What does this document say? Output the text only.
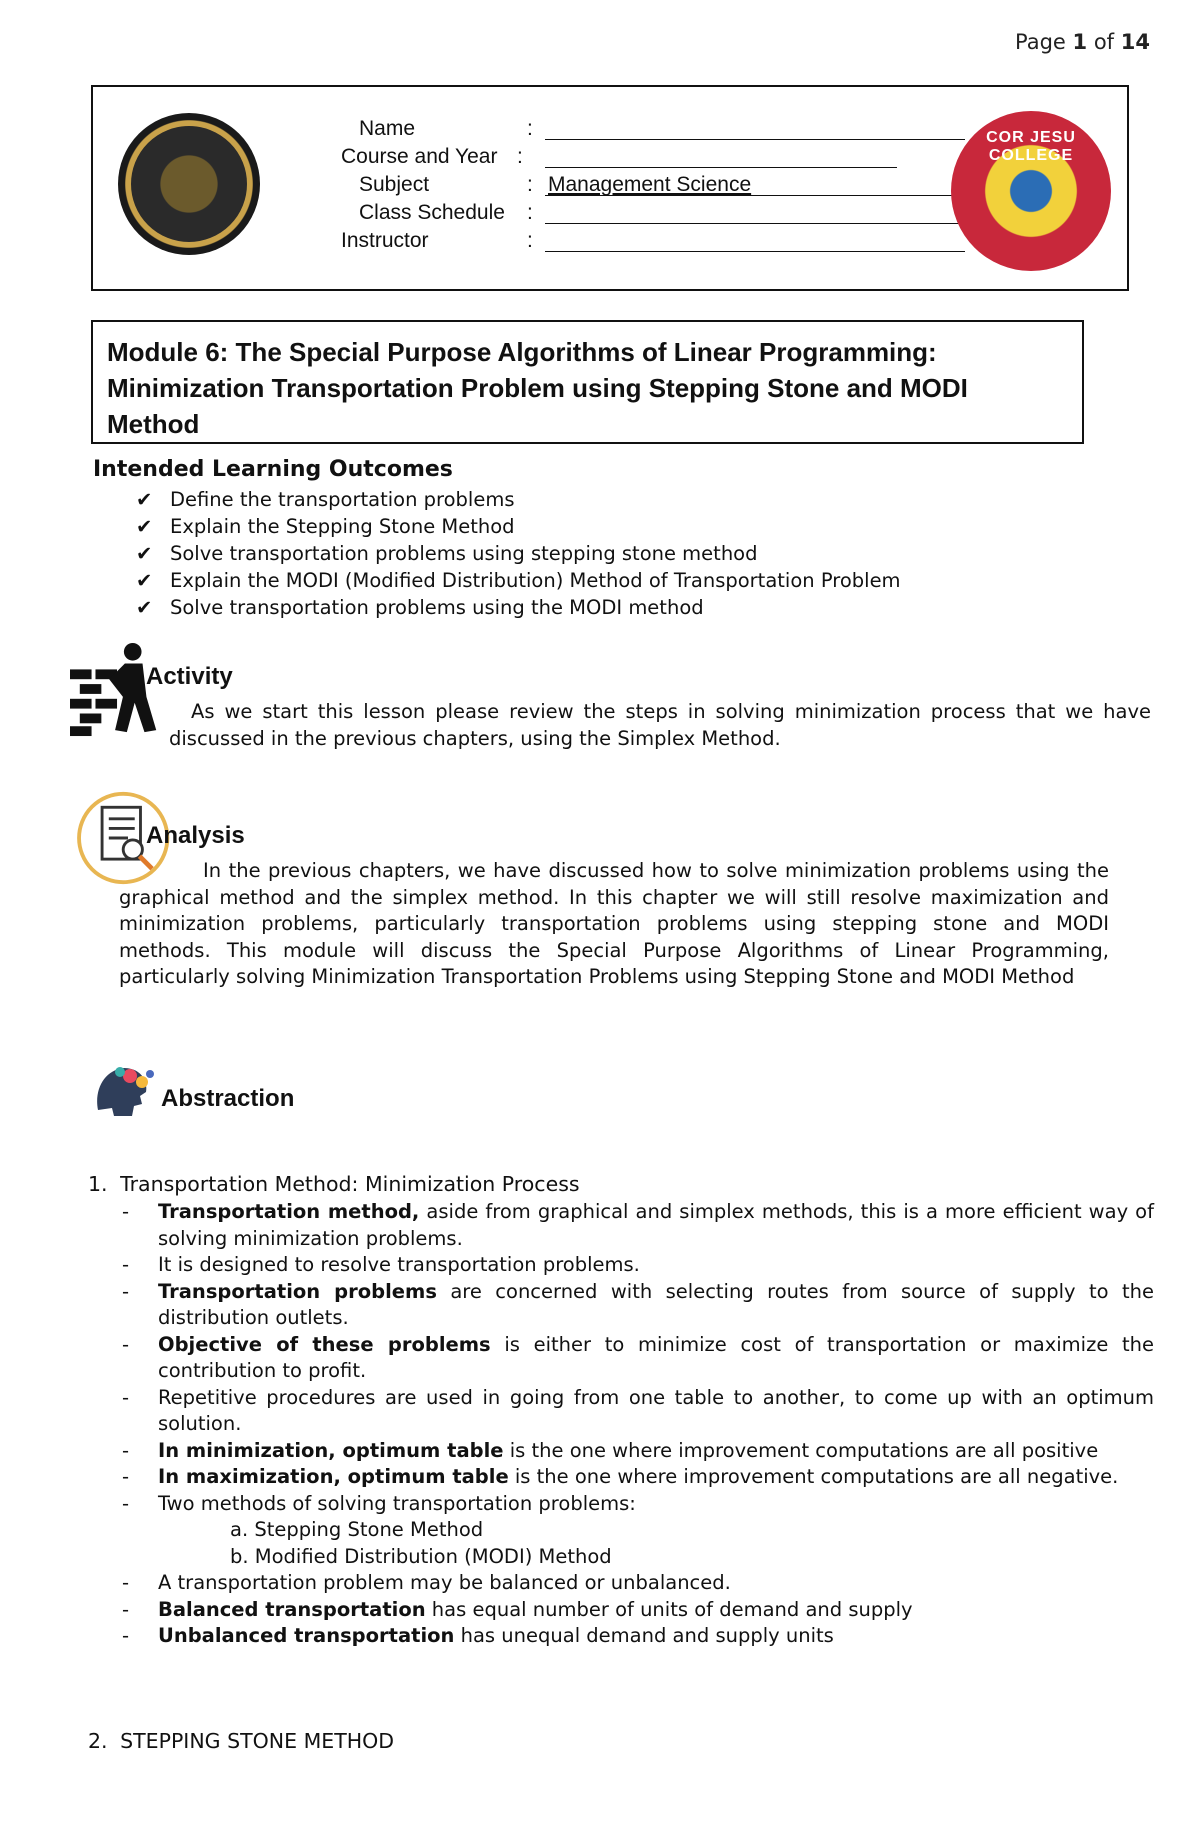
Page 1 of 14
Name	:
Course and Year :
Subject	: Management Science
Class Schedule :
Instructor	:
COR JESU COLLEGE
Module 6: The Special Purpose Algorithms of Linear Programming:
Minimization Transportation Problem using Stepping Stone and MODI
Method
Intended Learning Outcomes
✔ Define the transportation problems
✔ Explain the Stepping Stone Method
✔ Solve transportation problems using stepping stone method
✔ Explain the MODI (Modified Distribution) Method of Transportation Problem
✔ Solve transportation problems using the MODI method
Activity
As we start this lesson please review the steps in solving minimization process that we have discussed in the previous chapters, using the Simplex Method.
Analysis
In the previous chapters, we have discussed how to solve minimization problems using the graphical method and the simplex method. In this chapter we will still resolve maximization and minimization problems, particularly transportation problems using stepping stone and MODI methods. This module will discuss the Special Purpose Algorithms of Linear Programming, particularly solving Minimization Transportation Problems using Stepping Stone and MODI Method
Abstraction
1. Transportation Method: Minimization Process
- Transportation method, aside from graphical and simplex methods, this is a more efficient way of solving minimization problems.
- It is designed to resolve transportation problems.
- Transportation problems are concerned with selecting routes from source of supply to the distribution outlets.
- Objective of these problems is either to minimize cost of transportation or maximize the contribution to profit.
- Repetitive procedures are used in going from one table to another, to come up with an optimum solution.
- In minimization, optimum table is the one where improvement computations are all positive
- In maximization, optimum table is the one where improvement computations are all negative.
- Two methods of solving transportation problems:
a. Stepping Stone Method
b. Modified Distribution (MODI) Method
- A transportation problem may be balanced or unbalanced.
- Balanced transportation has equal number of units of demand and supply
- Unbalanced transportation has unequal demand and supply units
2. STEPPING STONE METHOD
